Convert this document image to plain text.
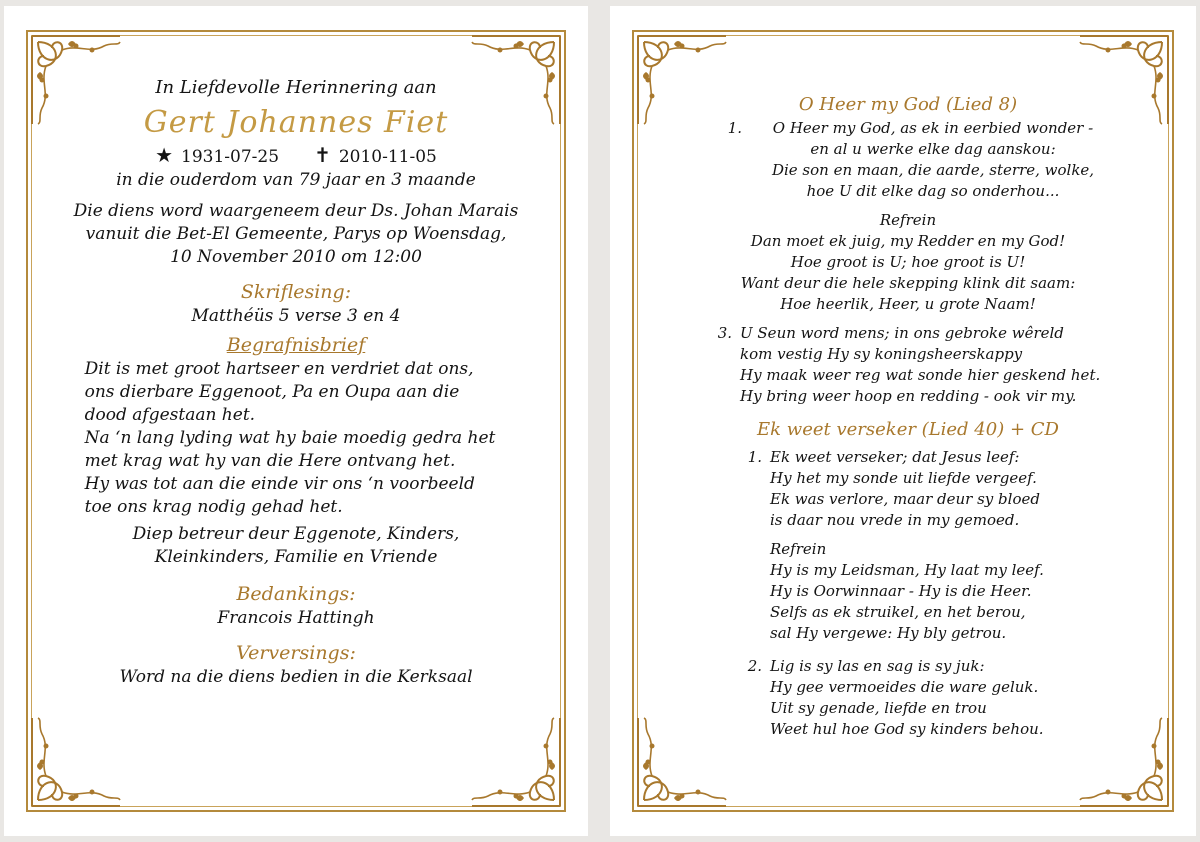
In Liefdevolle Herinnering aan
Gert Johannes Fiet
★ 1931-07-25 ✝ 2010-11-05
in die ouderdom van 79 jaar en 3 maande
Die diens word waargeneem deur Ds. Johan Marais
vanuit die Bet-El Gemeente, Parys op Woensdag,
10 November 2010 om 12:00
Skriflesing:
Matthéüs 5 verse 3 en 4
Begrafnisbrief
Dit is met groot hartseer en verdriet dat ons,
ons dierbare Eggenoot, Pa en Oupa aan die
dood afgestaan het.
Na ‘n lang lyding wat hy baie moedig gedra het
met krag wat hy van die Here ontvang het.
Hy was tot aan die einde vir ons ‘n voorbeeld
toe ons krag nodig gehad het.
Diep betreur deur Eggenote, Kinders,
Kleinkinders, Familie en Vriende
Bedankings:
Francois Hattingh
Verversings:
Word na die diens bedien in die Kerksaal
O Heer my God (Lied 8)
1.	O Heer my God, as ek in eerbied wonder -
en al u werke elke dag aanskou:
Die son en maan, die aarde, sterre, wolke,
hoe U dit elke dag so onderhou...
Refrein
Dan moet ek juig, my Redder en my God!
Hoe groot is U; hoe groot is U!
Want deur die hele skepping klink dit saam:
Hoe heerlik, Heer, u grote Naam!
3. U Seun word mens; in ons gebroke wêreld
kom vestig Hy sy koningsheerskappy
Hy maak weer reg wat sonde hier geskend het.
Hy bring weer hoop en redding - ook vir my.
Ek weet verseker (Lied 40) + CD
1. Ek weet verseker; dat Jesus leef:
Hy het my sonde uit liefde vergeef.
Ek was verlore, maar deur sy bloed
is daar nou vrede in my gemoed.
Refrein
Hy is my Leidsman, Hy laat my leef.
Hy is Oorwinnaar - Hy is die Heer.
Selfs as ek struikel, en het berou,
sal Hy vergewe: Hy bly getrou.
2. Lig is sy las en sag is sy juk:
Hy gee vermoeides die ware geluk.
Uit sy genade, liefde en trou
Weet hul hoe God sy kinders behou.
